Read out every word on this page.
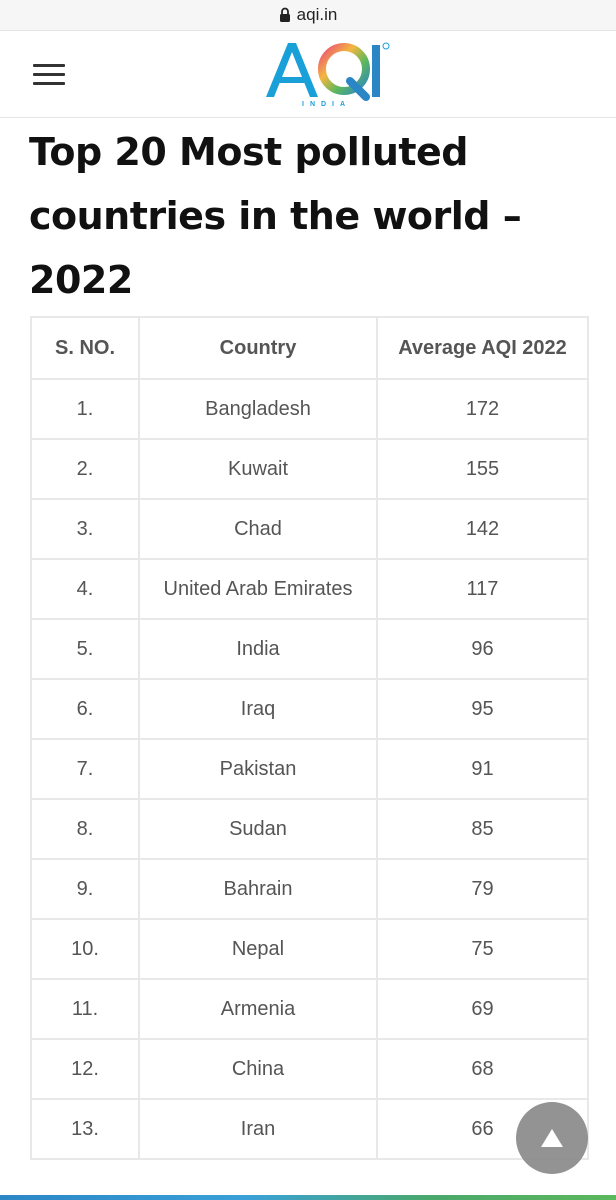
aqi.in
INDIA
Top 20 Most polluted countries in the world – 2022
S. NO.	Country	Average AQI 2022
1.	Bangladesh	172
2.	Kuwait	155
3.	Chad	142
4.	United Arab Emirates	117
5.	India	96
6.	Iraq	95
7.	Pakistan	91
8.	Sudan	85
9.	Bahrain	79
10.	Nepal	75
11.	Armenia	69
12.	China	68
13.	Iran	66
